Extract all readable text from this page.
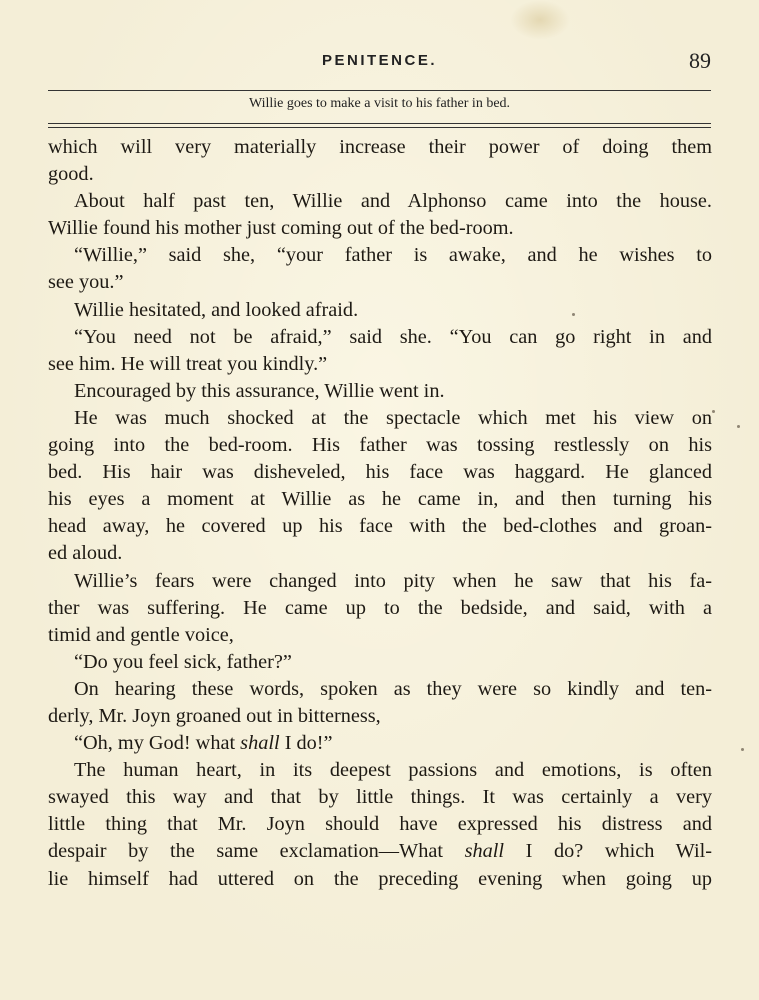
PENITENCE.	89
Willie goes to make a visit to his father in bed.
which will very materially increase their power of doing them
good.
About half past ten, Willie and Alphonso came into the house.
Willie found his mother just coming out of the bed-room.
“Willie,” said she, “your father is awake, and he wishes to
see you.”
Willie hesitated, and looked afraid.
“You need not be afraid,” said she. “You can go right in and
see him. He will treat you kindly.”
Encouraged by this assurance, Willie went in.
He was much shocked at the spectacle which met his view on
going into the bed-room. His father was tossing restlessly on his
bed. His hair was disheveled, his face was haggard. He glanced
his eyes a moment at Willie as he came in, and then turning his
head away, he covered up his face with the bed-clothes and groan-
ed aloud.
Willie’s fears were changed into pity when he saw that his fa-
ther was suffering. He came up to the bedside, and said, with a
timid and gentle voice,
“Do you feel sick, father?”
On hearing these words, spoken as they were so kindly and ten-
derly, Mr. Joyn groaned out in bitterness,
“Oh, my God! what shall I do!”
The human heart, in its deepest passions and emotions, is often
swayed this way and that by little things. It was certainly a very
little thing that Mr. Joyn should have expressed his distress and
despair by the same exclamation—What shall I do? which Wil-
lie himself had uttered on the preceding evening when going up
